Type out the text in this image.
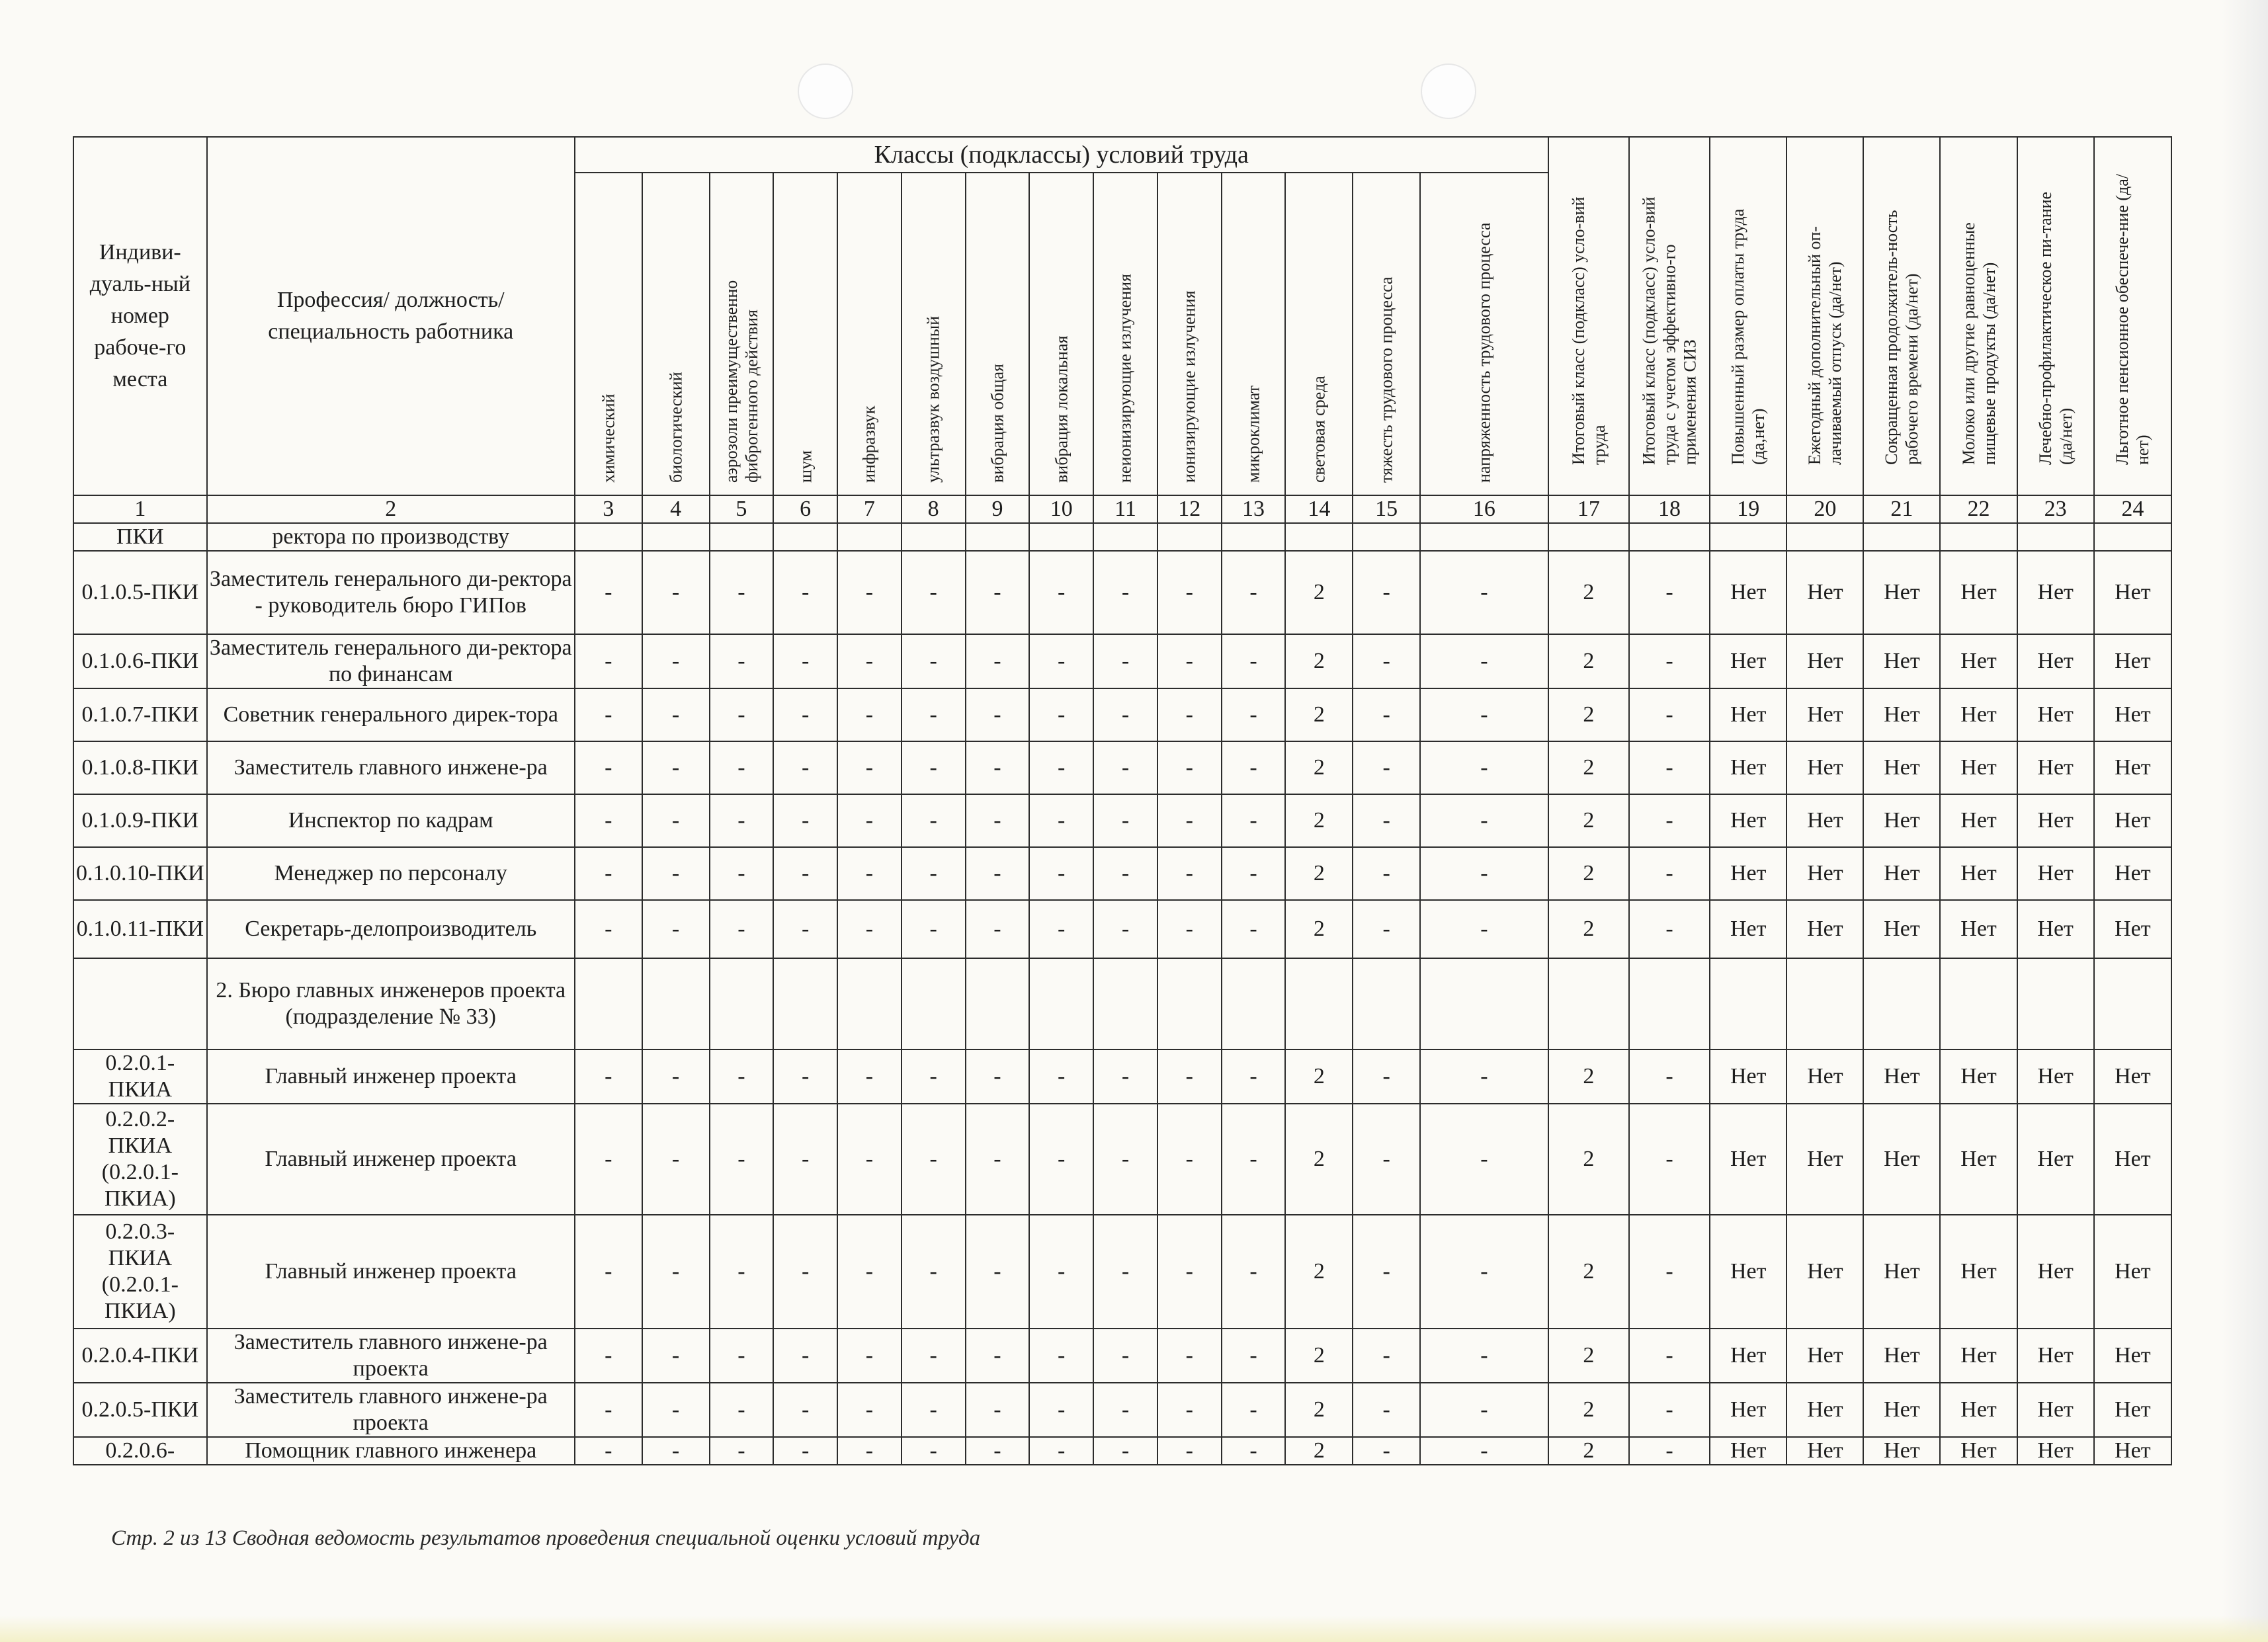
Индиви-дуаль-ный номер рабоче-го места	Профессия/ должность/ специальность работника	Классы (подклассы) условий труда														Итоговый класс (подкласс) усло-вий труда	Итоговый класс (подкласс) усло-вий труда с учетом эффективно-го применения СИЗ	Повышенный размер оплаты труда (да,нет)	Ежегодный дополнительный оп-лачиваемый отпуск (да/нет)	Сокращенная продолжитель-ность рабочего времени (да/нет)	Молоко или другие равноценные пищевые продукты (да/нет)	Лечебно-профилактическое пи-тание (да/нет)	Льготное пенсионное обеспече-ние (да/нет)

		химический	биологический	аэрозоли преимущественно фиброгенного действия	шум	инфразвук	ультразвук воздушный	вибрация общая	вибрация локальная	неионизирующие излучения	ионизирующие излучения	микроклимат	световая среда	тяжесть трудового процесса	напряженность трудового процесса								

1	2	3	4	5	6	7	8	9	10	11	12	13	14	15	16	17	18	19	20	21	22	23	24
ПКИ	ректора по производству																						
0.1.0.5-ПКИ	Заместитель генерального ди-ректора - руководитель бюро ГИПов	-	-	-	-	-	-	-	-	-	-	-	2	-	-	2	-	Нет	Нет	Нет	Нет	Нет	Нет
0.1.0.6-ПКИ	Заместитель генерального ди-ректора по финансам	-	-	-	-	-	-	-	-	-	-	-	2	-	-	2	-	Нет	Нет	Нет	Нет	Нет	Нет
0.1.0.7-ПКИ	Советник генерального дирек-тора	-	-	-	-	-	-	-	-	-	-	-	2	-	-	2	-	Нет	Нет	Нет	Нет	Нет	Нет
0.1.0.8-ПКИ	Заместитель главного инжене-ра	-	-	-	-	-	-	-	-	-	-	-	2	-	-	2	-	Нет	Нет	Нет	Нет	Нет	Нет
0.1.0.9-ПКИ	Инспектор по кадрам	-	-	-	-	-	-	-	-	-	-	-	2	-	-	2	-	Нет	Нет	Нет	Нет	Нет	Нет
0.1.0.10-ПКИ	Менеджер по персоналу	-	-	-	-	-	-	-	-	-	-	-	2	-	-	2	-	Нет	Нет	Нет	Нет	Нет	Нет
0.1.0.11-ПКИ	Секретарь-делопроизводитель	-	-	-	-	-	-	-	-	-	-	-	2	-	-	2	-	Нет	Нет	Нет	Нет	Нет	Нет
	2. Бюро главных инженеров проекта (подразделение № 33)																						
0.2.0.1-ПКИА	Главный инженер проекта	-	-	-	-	-	-	-	-	-	-	-	2	-	-	2	-	Нет	Нет	Нет	Нет	Нет	Нет
0.2.0.2-ПКИА (0.2.0.1-ПКИА)	Главный инженер проекта	-	-	-	-	-	-	-	-	-	-	-	2	-	-	2	-	Нет	Нет	Нет	Нет	Нет	Нет
0.2.0.3-ПКИА (0.2.0.1-ПКИА)	Главный инженер проекта	-	-	-	-	-	-	-	-	-	-	-	2	-	-	2	-	Нет	Нет	Нет	Нет	Нет	Нет
0.2.0.4-ПКИ	Заместитель главного инжене-ра проекта	-	-	-	-	-	-	-	-	-	-	-	2	-	-	2	-	Нет	Нет	Нет	Нет	Нет	Нет
0.2.0.5-ПКИ	Заместитель главного инжене-ра проекта	-	-	-	-	-	-	-	-	-	-	-	2	-	-	2	-	Нет	Нет	Нет	Нет	Нет	Нет
0.2.0.6-	Помощник главного инженера	-	-	-	-	-	-	-	-	-	-	-	2	-	-	2	-	Нет	Нет	Нет	Нет	Нет	Нет
Стр. 2 из 13 Сводная ведомость результатов проведения специальной оценки условий труда
